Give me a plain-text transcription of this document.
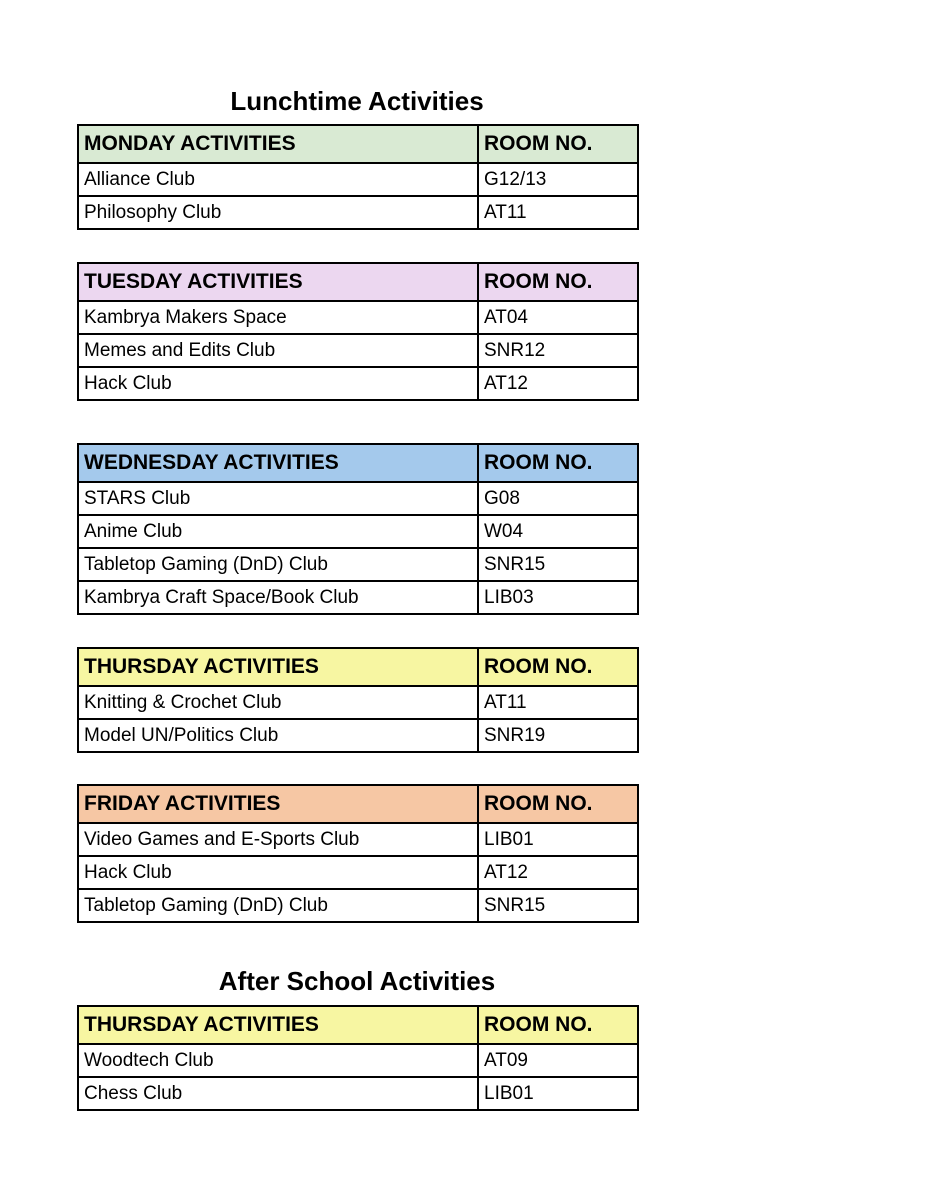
Lunchtime Activities
MONDAY ACTIVITIES	ROOM NO.
Alliance Club	G12/13
Philosophy Club	AT11
TUESDAY ACTIVITIES	ROOM NO.
Kambrya Makers Space	AT04
Memes and Edits Club	SNR12
Hack Club	AT12
WEDNESDAY ACTIVITIES	ROOM NO.
STARS Club	G08
Anime Club	W04
Tabletop Gaming (DnD) Club	SNR15
Kambrya Craft Space/Book Club	LIB03
THURSDAY ACTIVITIES	ROOM NO.
Knitting & Crochet Club	AT11
Model UN/Politics Club	SNR19
FRIDAY ACTIVITIES	ROOM NO.
Video Games and E-Sports Club	LIB01
Hack Club	AT12
Tabletop Gaming (DnD) Club	SNR15
After School Activities
THURSDAY ACTIVITIES	ROOM NO.
Woodtech Club	AT09
Chess Club	LIB01
